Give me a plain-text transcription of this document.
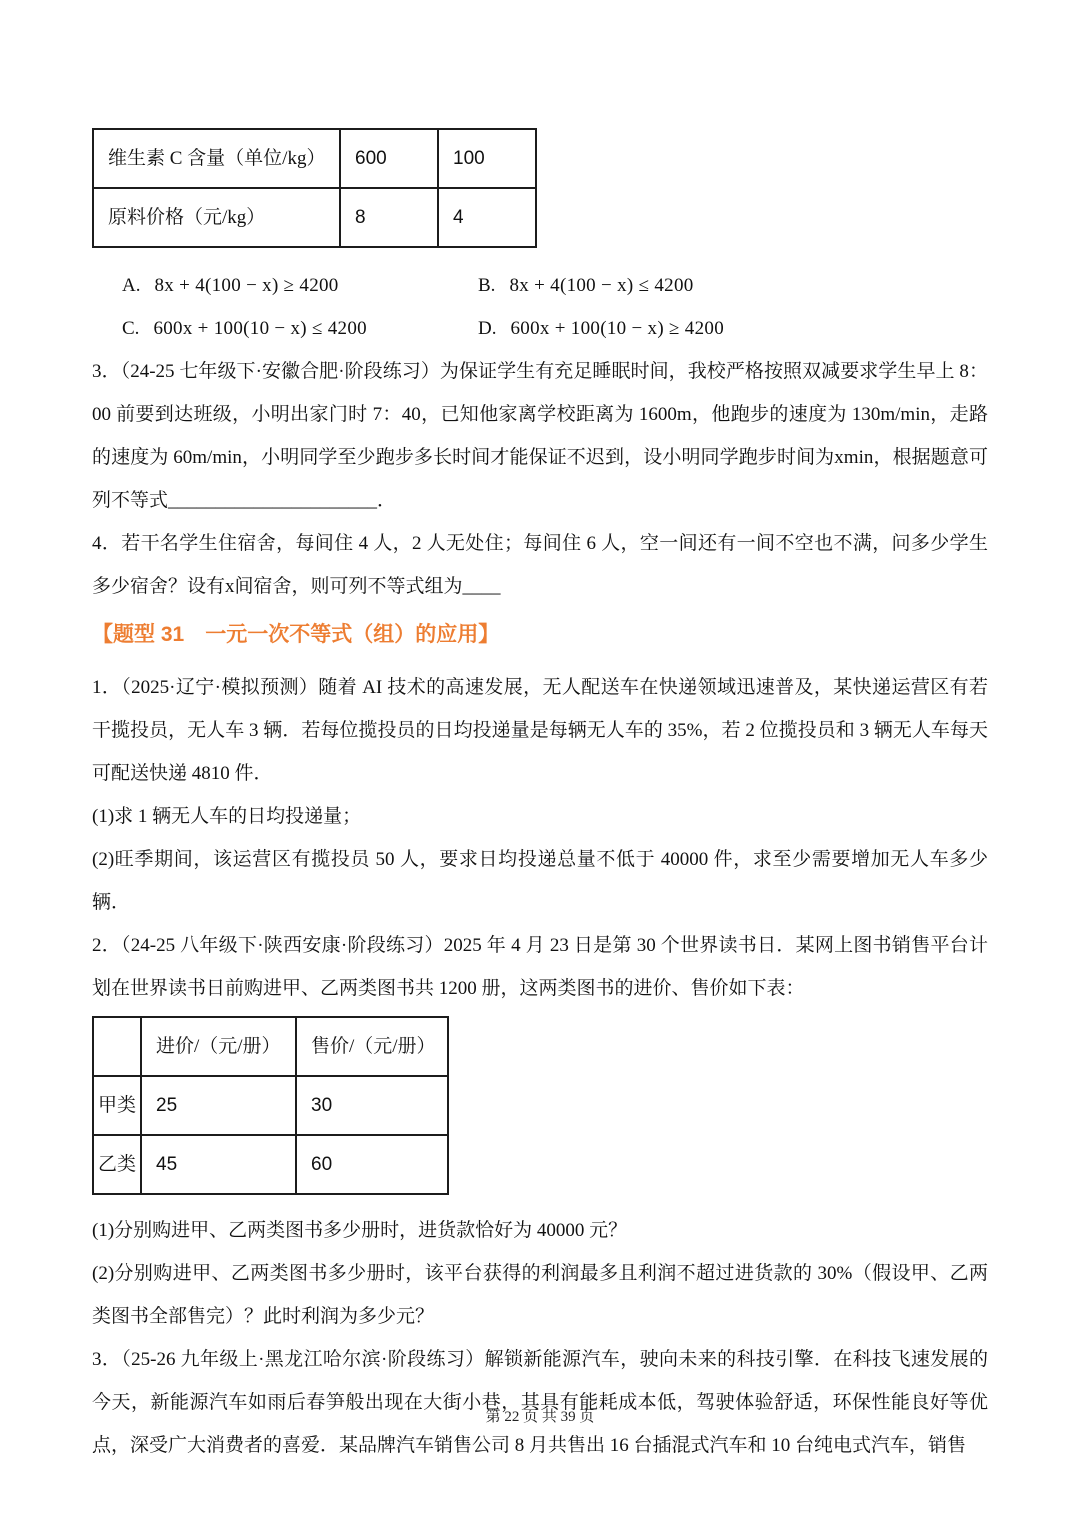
维生素 C 含量（单位/kg）	600	100
原料价格（元/kg）	8	4
A. 8x + 4(100 − x) ≥ 4200	B. 8x + 4(100 − x) ≤ 4200
C. 600x + 100(10 − x) ≤ 4200	D. 600x + 100(10 − x) ≥ 4200

3．（24-25 七年级下·安徽合肥·阶段练习）为保证学生有充足睡眠时间，我校严格按照双减要求学生早上 8：00 前要到达班级，小明出家门时 7：40，已知他家离学校距离为 1600m，他跑步的速度为 130m/min，走路的速度为 60m/min，小明同学至少跑步多长时间才能保证不迟到，设小明同学跑步时间为xmin，根据题意可列不等式______________________．

4．若干名学生住宿舍，每间住 4 人，2 人无处住；每间住 6 人，空一间还有一间不空也不满，问多少学生多少宿舍？设有x间宿舍，则可列不等式组为____

【题型 31　一元一次不等式（组）的应用】

1．（2025·辽宁·模拟预测）随着 AI 技术的高速发展，无人配送车在快递领域迅速普及，某快递运营区有若干揽投员，无人车 3 辆．若每位揽投员的日均投递量是每辆无人车的 35%，若 2 位揽投员和 3 辆无人车每天可配送快递 4810 件．

(1)求 1 辆无人车的日均投递量；

(2)旺季期间，该运营区有揽投员 50 人，要求日均投递总量不低于 40000 件，求至少需要增加无人车多少辆．

2．（24-25 八年级下·陕西安康·阶段练习）2025 年 4 月 23 日是第 30 个世界读书日．某网上图书销售平台计划在世界读书日前购进甲、乙两类图书共 1200 册，这两类图书的进价、售价如下表：

	进价/（元/册）	售价/（元/册）
甲类	25	30
乙类	45	60

(1)分别购进甲、乙两类图书多少册时，进货款恰好为 40000 元？

(2)分别购进甲、乙两类图书多少册时，该平台获得的利润最多且利润不超过进货款的 30%（假设甲、乙两类图书全部售完）？此时利润为多少元？

3．（25-26 九年级上·黑龙江哈尔滨·阶段练习）解锁新能源汽车，驶向未来的科技引擎．在科技飞速发展的今天，新能源汽车如雨后春笋般出现在大街小巷，其具有能耗成本低，驾驶体验舒适，环保性能良好等优点，深受广大消费者的喜爱．某品牌汽车销售公司 8 月共售出 16 台插混式汽车和 10 台纯电式汽车，销售

第 22 页 共 39 页
